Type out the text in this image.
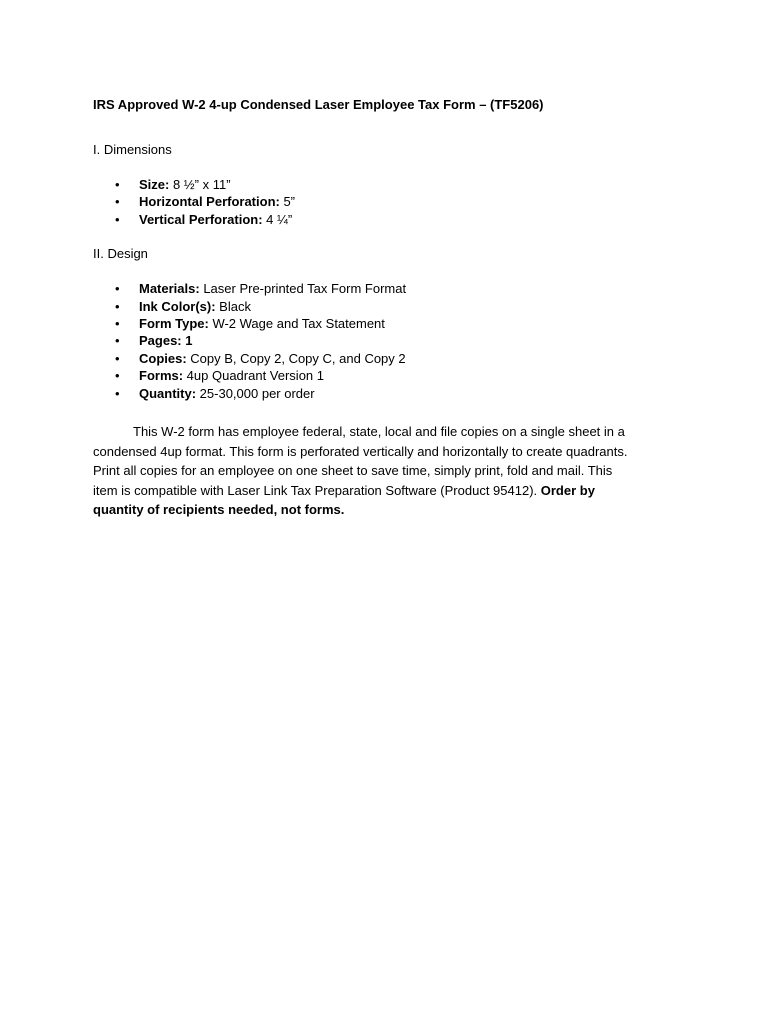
IRS Approved W-2 4-up Condensed Laser Employee Tax Form – (TF5206)
I. Dimensions
• Size: 8 ½” x 11”
• Horizontal Perforation: 5”
• Vertical Perforation: 4 ¼”
II. Design
• Materials: Laser Pre-printed Tax Form Format
• Ink Color(s): Black
• Form Type: W-2 Wage and Tax Statement
• Pages: 1
• Copies: Copy B, Copy 2, Copy C, and Copy 2
• Forms: 4up Quadrant Version 1
• Quantity: 25-30,000 per order

This W-2 form has employee federal, state, local and file copies on a single sheet in a condensed 4up format. This form is perforated vertically and horizontally to create quadrants. Print all copies for an employee on one sheet to save time, simply print, fold and mail. This item is compatible with Laser Link Tax Preparation Software (Product 95412). Order by quantity of recipients needed, not forms.
